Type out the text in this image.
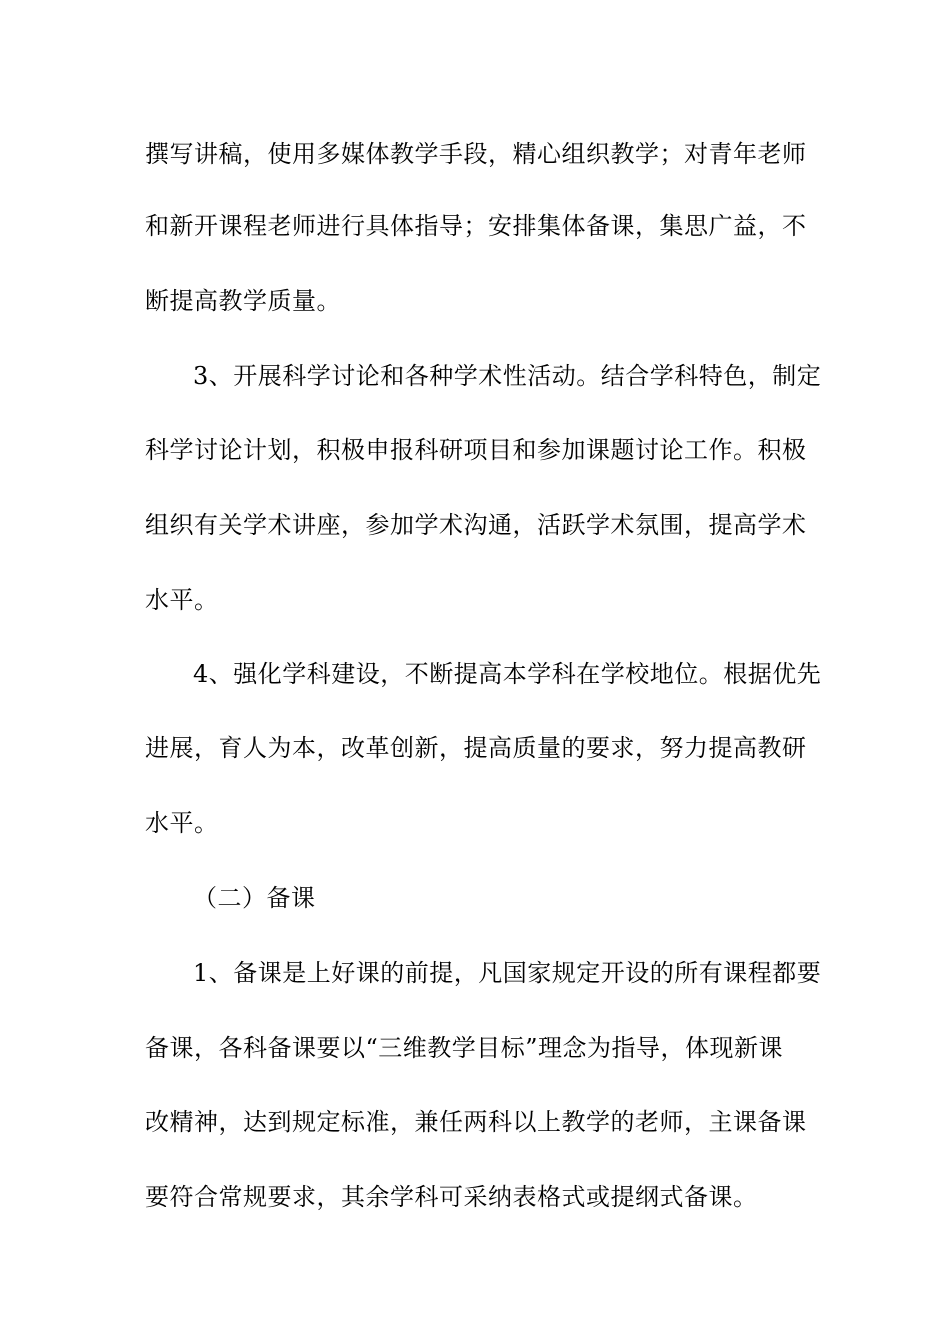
撰写讲稿，使用多媒体教学手段，精心组织教学；对青年老师
和新开课程老师进行具体指导；安排集体备课，集思广益，不
断提高教学质量。
3、开展科学讨论和各种学术性活动。结合学科特色，制定
科学讨论计划，积极申报科研项目和参加课题讨论工作。积极
组织有关学术讲座，参加学术沟通，活跃学术氛围，提高学术
水平。
4、强化学科建设，不断提高本学科在学校地位。根据优先
进展，育人为本，改革创新，提高质量的要求，努力提高教研
水平。
（二）备课
1、备课是上好课的前提，凡国家规定开设的所有课程都要
备课，各科备课要以“三维教学目标”理念为指导，体现新课
改精神，达到规定标准，兼任两科以上教学的老师，主课备课
要符合常规要求，其余学科可采纳表格式或提纲式备课。
